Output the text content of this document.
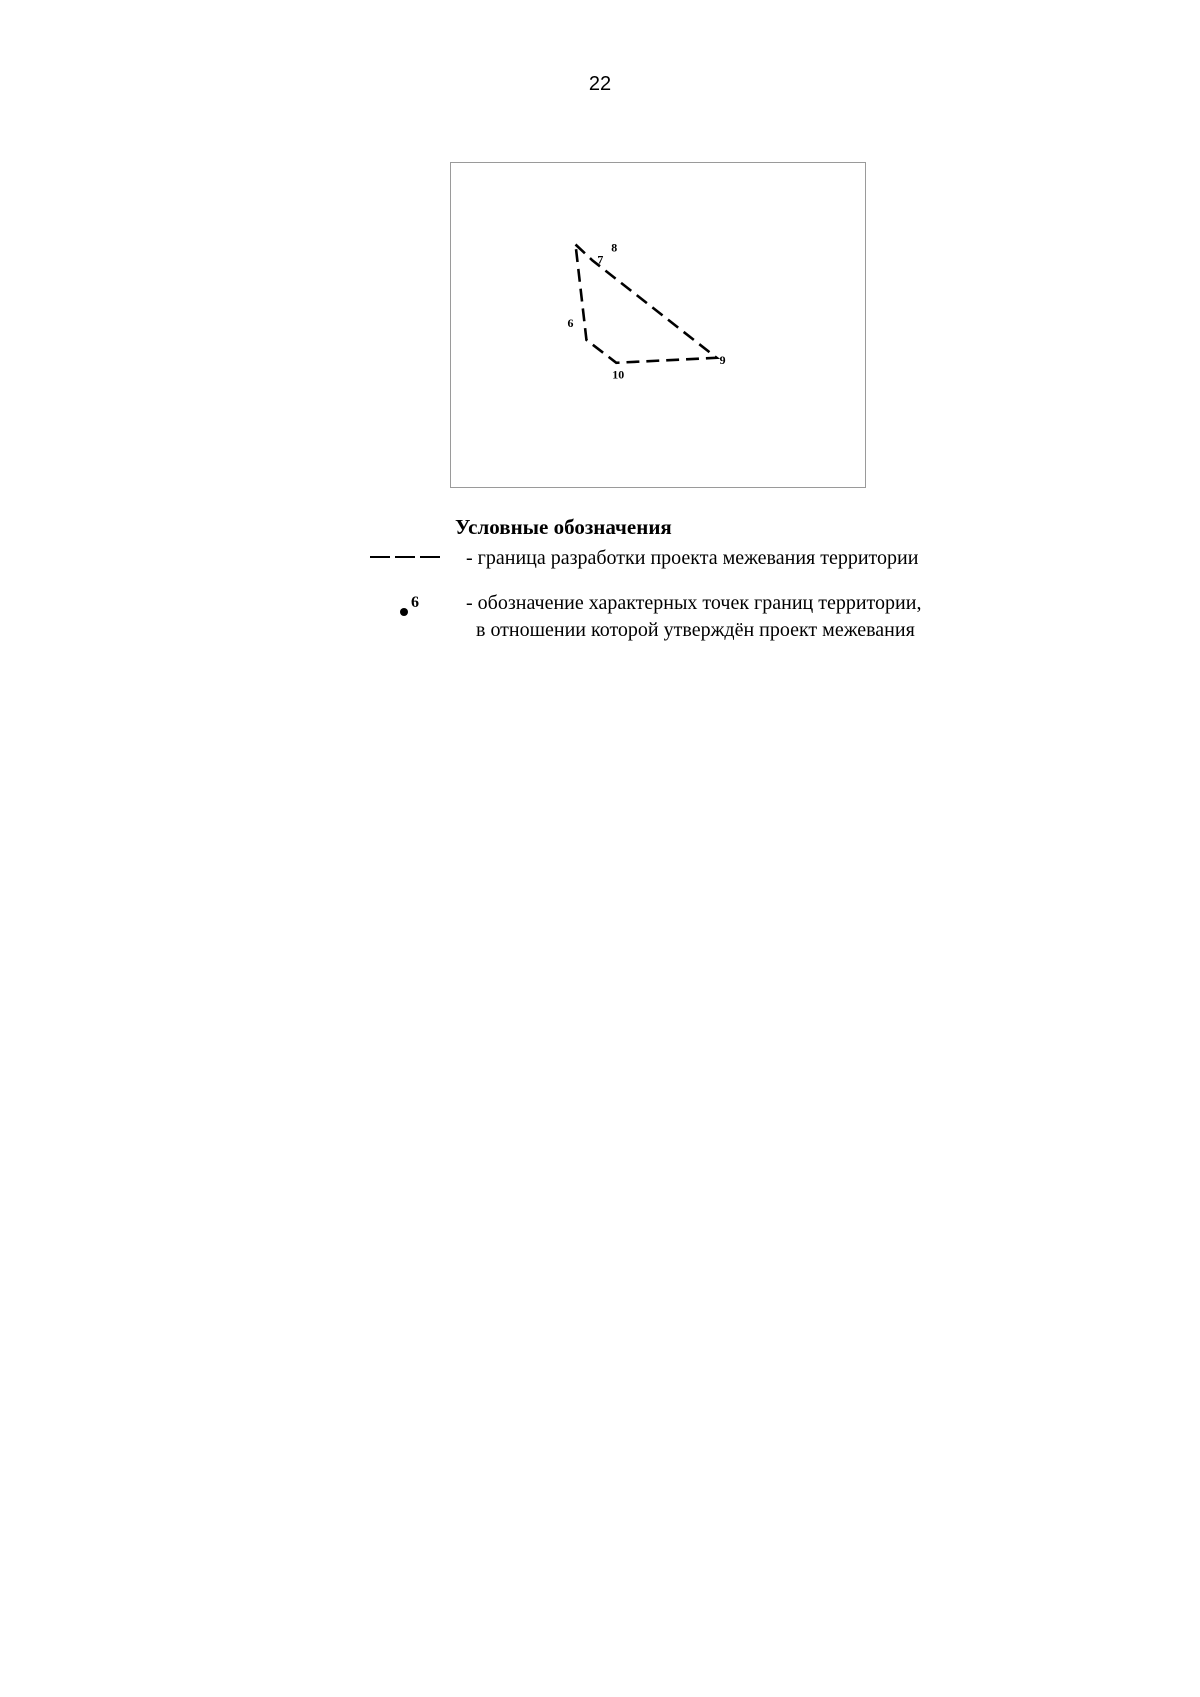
22
8
7
6
9
10
Условные обозначения
- граница разработки проекта межевания территории
6 - обозначение характерных точек границ территории,
в отношении которой утверждён проект межевания
